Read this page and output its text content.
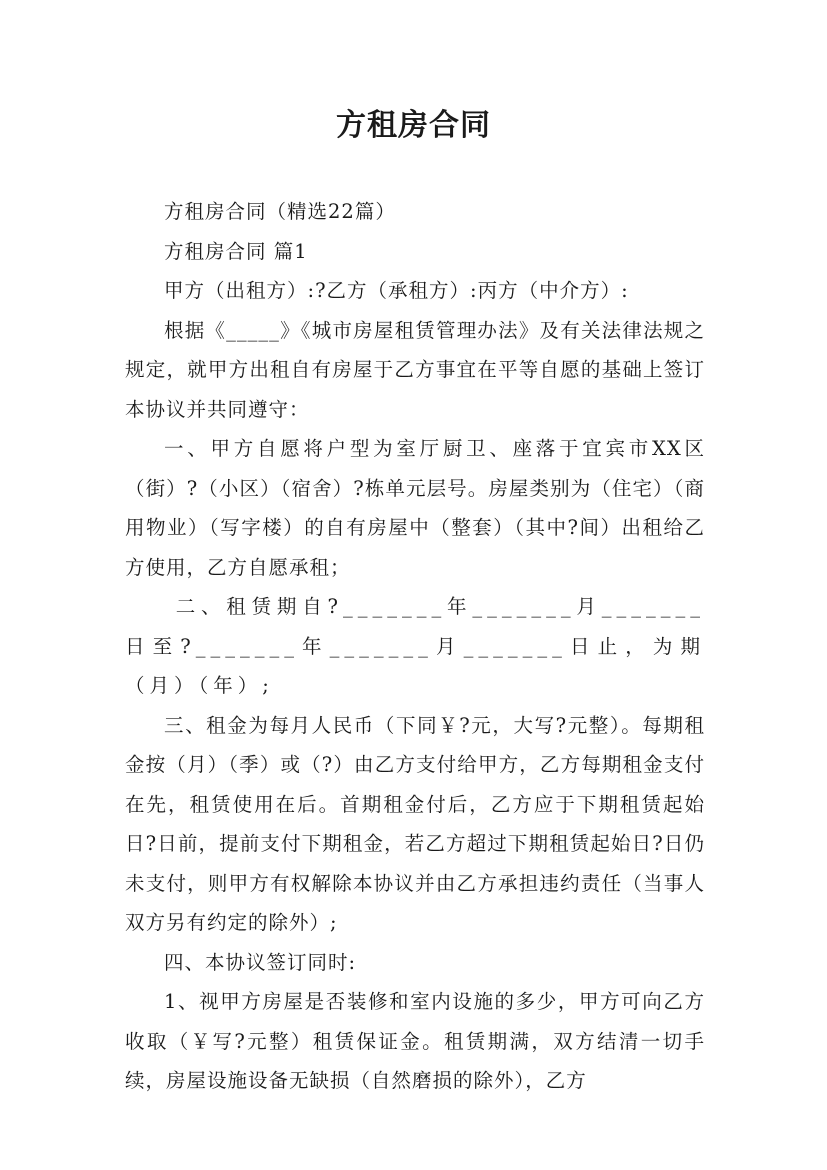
方租房合同

方租房合同（精选22篇）

方租房合同 篇1

甲方（出租方）:?乙方（承租方）:丙方（中介方）:

根据《_____》《城市房屋租赁管理办法》及有关法律法规之规定，就甲方出租自有房屋于乙方事宜在平等自愿的基础上签订本协议并共同遵守：

一、甲方自愿将户型为室厅厨卫、座落于宜宾市XX区（街）?（小区）（宿舍）?栋单元层号。房屋类别为（住宅）（商用物业）（写字楼）的自有房屋中（整套）（其中?间）出租给乙方使用，乙方自愿承租；

二、租赁期自?_______年_______月_______日至?_______年_______月_______日止，为期（月）（年）;

三、租金为每月人民币（下同￥?元，大写?元整）。每期租金按（月）（季）或（?）由乙方支付给甲方，乙方每期租金支付在先，租赁使用在后。首期租金付后，乙方应于下期租赁起始日?日前，提前支付下期租金，若乙方超过下期租赁起始日?日仍未支付，则甲方有权解除本协议并由乙方承担违约责任（当事人双方另有约定的除外）;

四、本协议签订同时:

1、视甲方房屋是否装修和室内设施的多少，甲方可向乙方收取（￥写?元整）租赁保证金。租赁期满，双方结清一切手续，房屋设施设备无缺损（自然磨损的除外），乙方
